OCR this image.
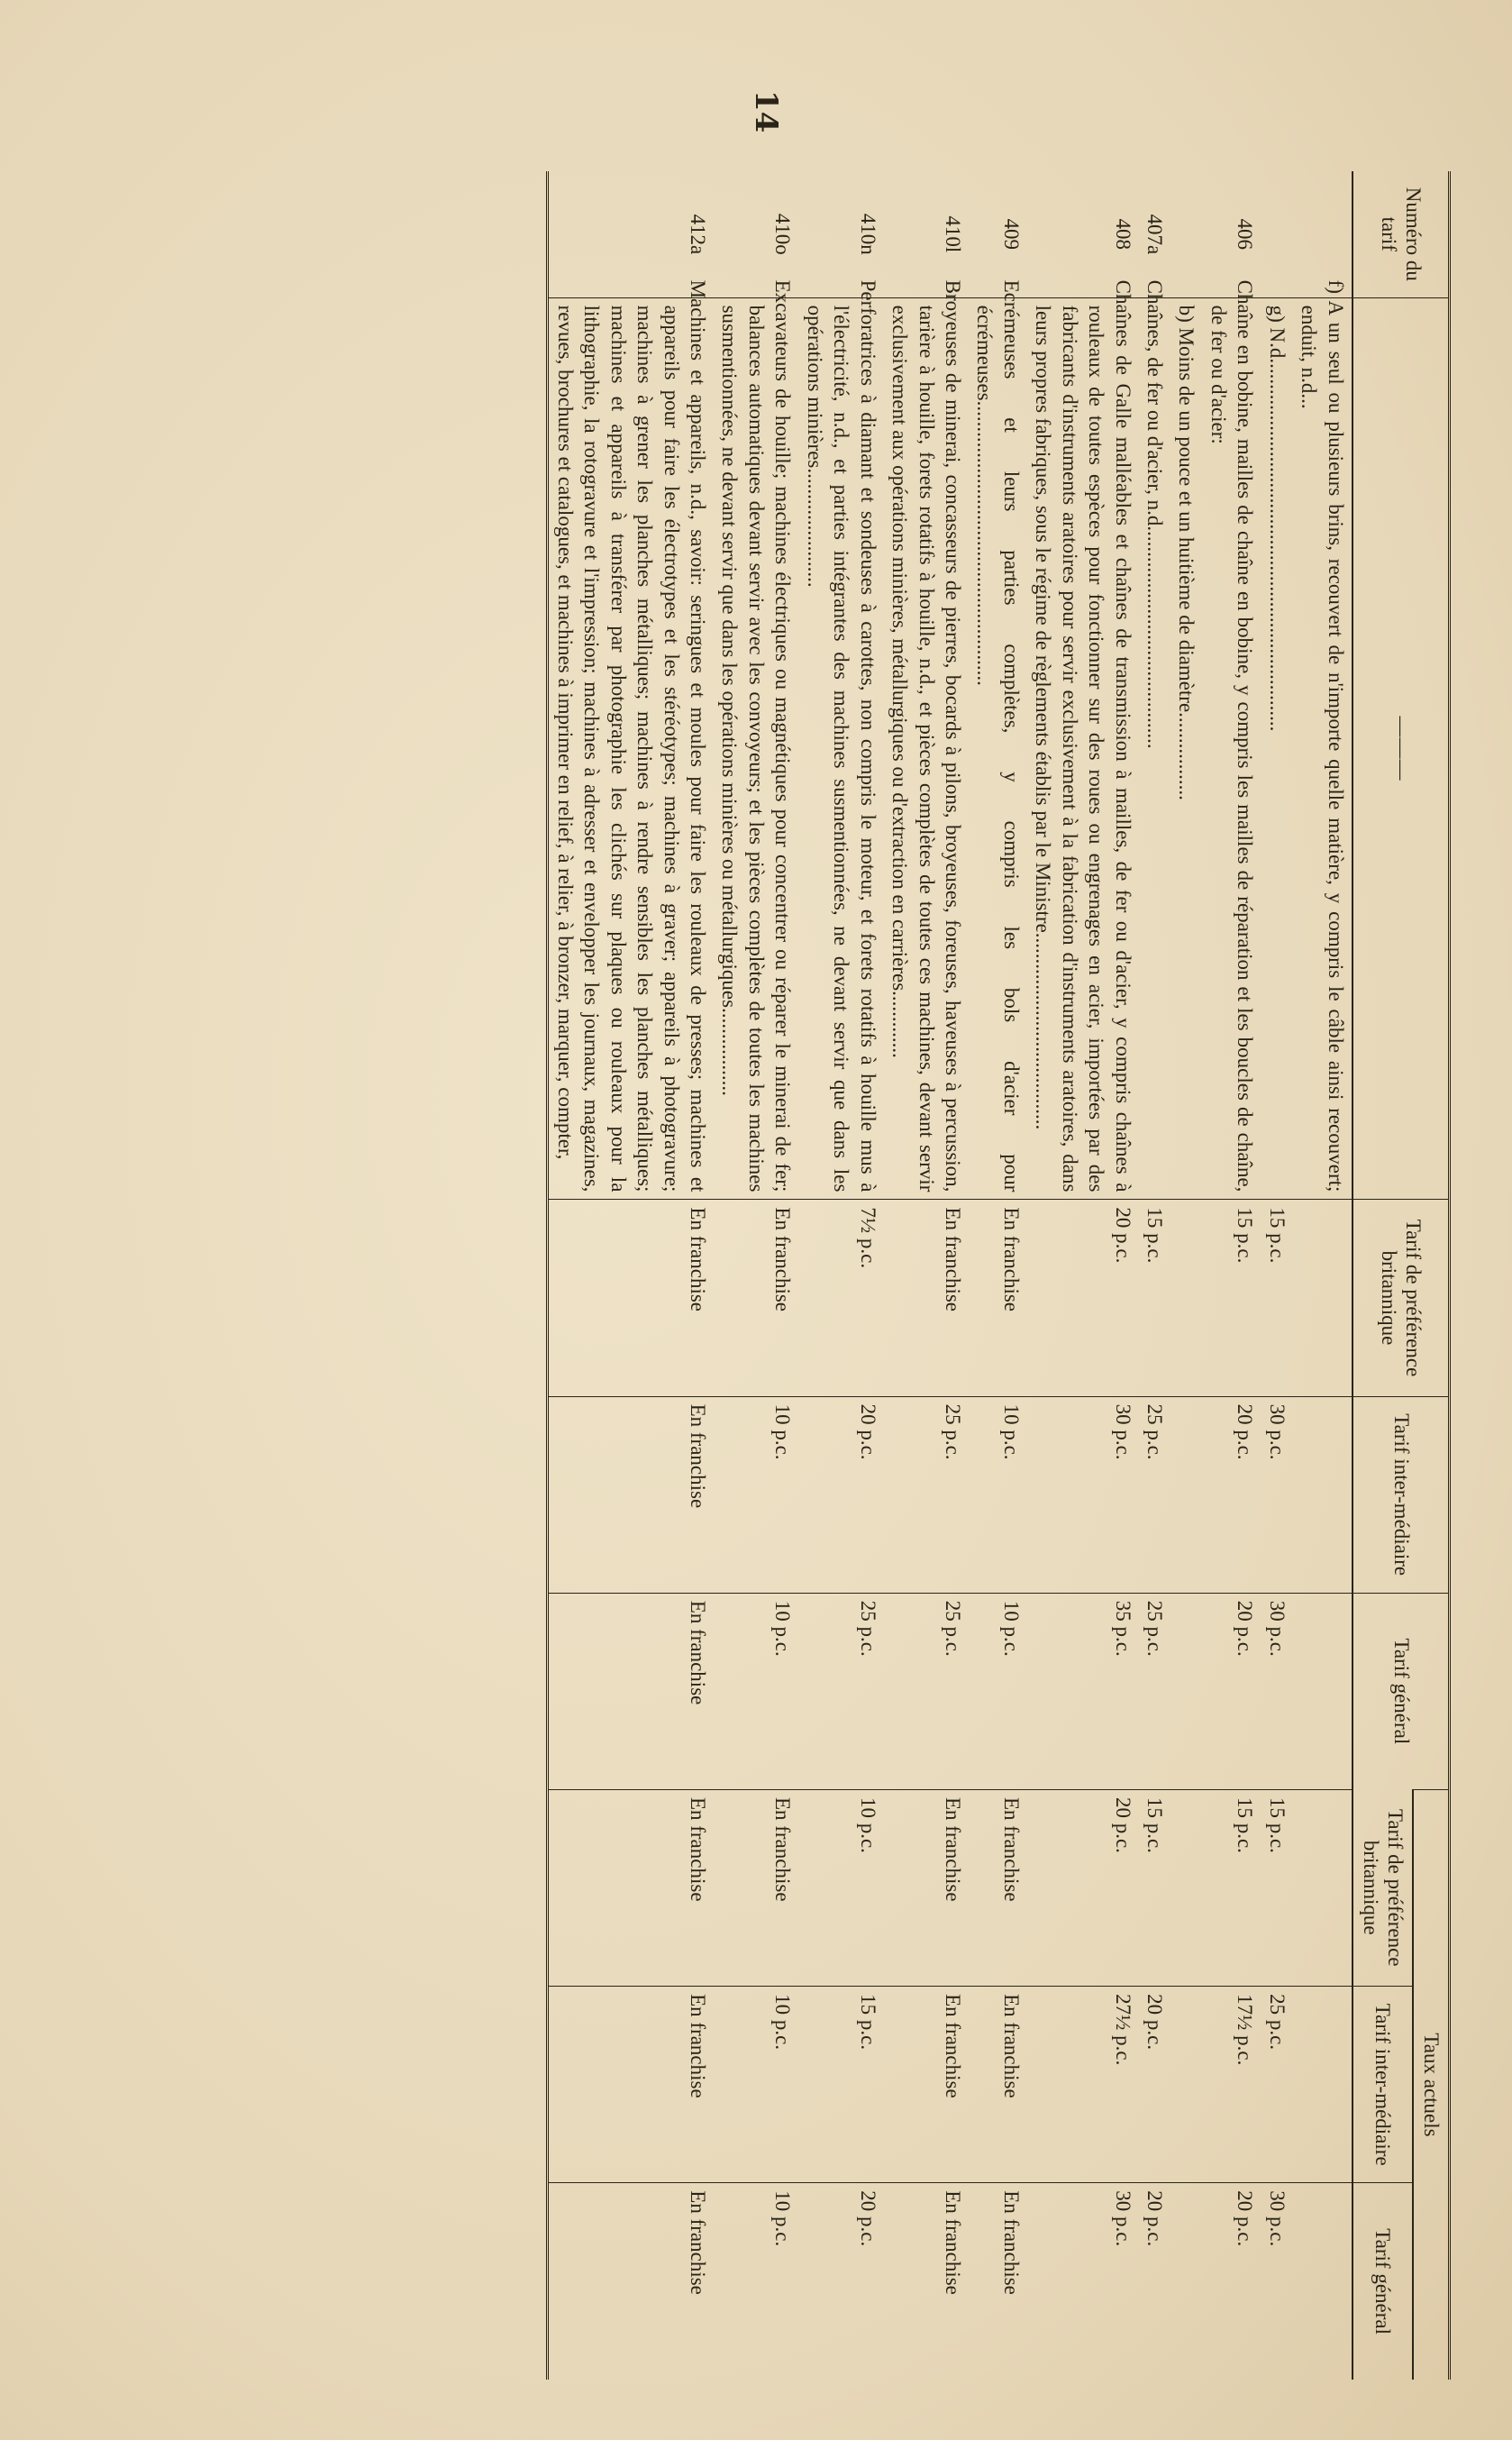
14
Numéro du tarif	———	Tarif de préférence britannique	Tarif inter-médiaire	Tarif général	Taux actuels		
					Tarif de préférence britannique	Tarif inter-médiaire	Tarif général
	f) A un seul ou plusieurs brins, recouvert de n'importe quelle matière, y compris le câble ainsi recouvert; enduit, n.d...						
	g) N.d........................................................................	15 p.c.	30 p.c.	30 p.c.	15 p.c.	25 p.c.	30 p.c.
406	Chaîne en bobine, mailles de chaîne en bobine, y compris les mailles de réparation et les boucles de chaîne, de fer ou d'acier:	15 p.c.	20 p.c.	20 p.c.	15 p.c.	17½ p.c.	20 p.c.
	b) Moins de un pouce et un huitième de diamètre.................						
407a	Chaînes, de fer ou d'acier, n.d...........................................	15 p.c.	25 p.c.	25 p.c.	15 p.c.	20 p.c.	20 p.c.
408	Chaînes de Galle malléables et chaînes de transmission à mailles, de fer ou d'acier, y compris chaînes à rouleaux de toutes espèces pour fonctionner sur des roues ou engrenages en acier, importées par des fabricants d'instruments aratoires pour servir exclusivement à la fabrication d'instruments aratoires, dans leurs propres fabriques, sous le régime de règlements établis par le Ministre......................................	20 p.c.	30 p.c.	35 p.c.	20 p.c.	27½ p.c.	30 p.c.
409	Ecrémeuses et leurs parties complètes, y compris les bols d'acier pour écrémeuses.......................................................	En franchise	10 p.c.	10 p.c.	En franchise	En franchise	En franchise
410l	Broyeuses de minerai, concasseurs de pierres, bocards à pilons, broyeuses, foreuses, haveuses à percussion, tarière à houille, forets rotatifs à houille, n.d., et pièces complètes de toutes ces machines, devant servir exclusivement aux opérations minières, métallurgiques ou d'extraction en carrières.............	En franchise	25 p.c.	25 p.c.	En franchise	En franchise	En franchise
410n	Perforatrices à diamant et sondeuses à carottes, non compris le moteur, et forets rotatifs à houille mus à l'électricité, n.d., et parties intégrantes des machines susmentionnées, ne devant servir que dans les opérations minières.......................	7½ p.c.	20 p.c.	25 p.c.	10 p.c.	15 p.c.	20 p.c.
410o	Excavateurs de houille; machines électriques ou magnétiques pour concentrer ou réparer le minerai de fer; balances automatiques devant servir avec les convoyeurs; et les pièces complètes de toutes les machines susmentionnées, ne devant servir que dans les opérations minières ou métallurgiques.................	En franchise	10 p.c.	10 p.c.	En franchise	10 p.c.	10 p.c.
412a	Machines et appareils, n.d., savoir: seringues et moules pour faire les rouleaux de presses; machines et appareils pour faire les électrotypes et les stéréotypes; machines à graver; appareils à photogravure; machines à grener les planches métalliques; machines à rendre sensibles les planches métalliques; machines et appareils à transférer par photographie les clichés sur plaques ou rouleaux pour la lithographie, la rotogravure et l'impression; machines à adresser et envelopper les journaux, magazines, revues, brochures et catalogues, et machines à imprimer en relief, à relier, à bronzer, marquer, compter,	En franchise	En franchise	En franchise	En franchise	En franchise	En franchise
